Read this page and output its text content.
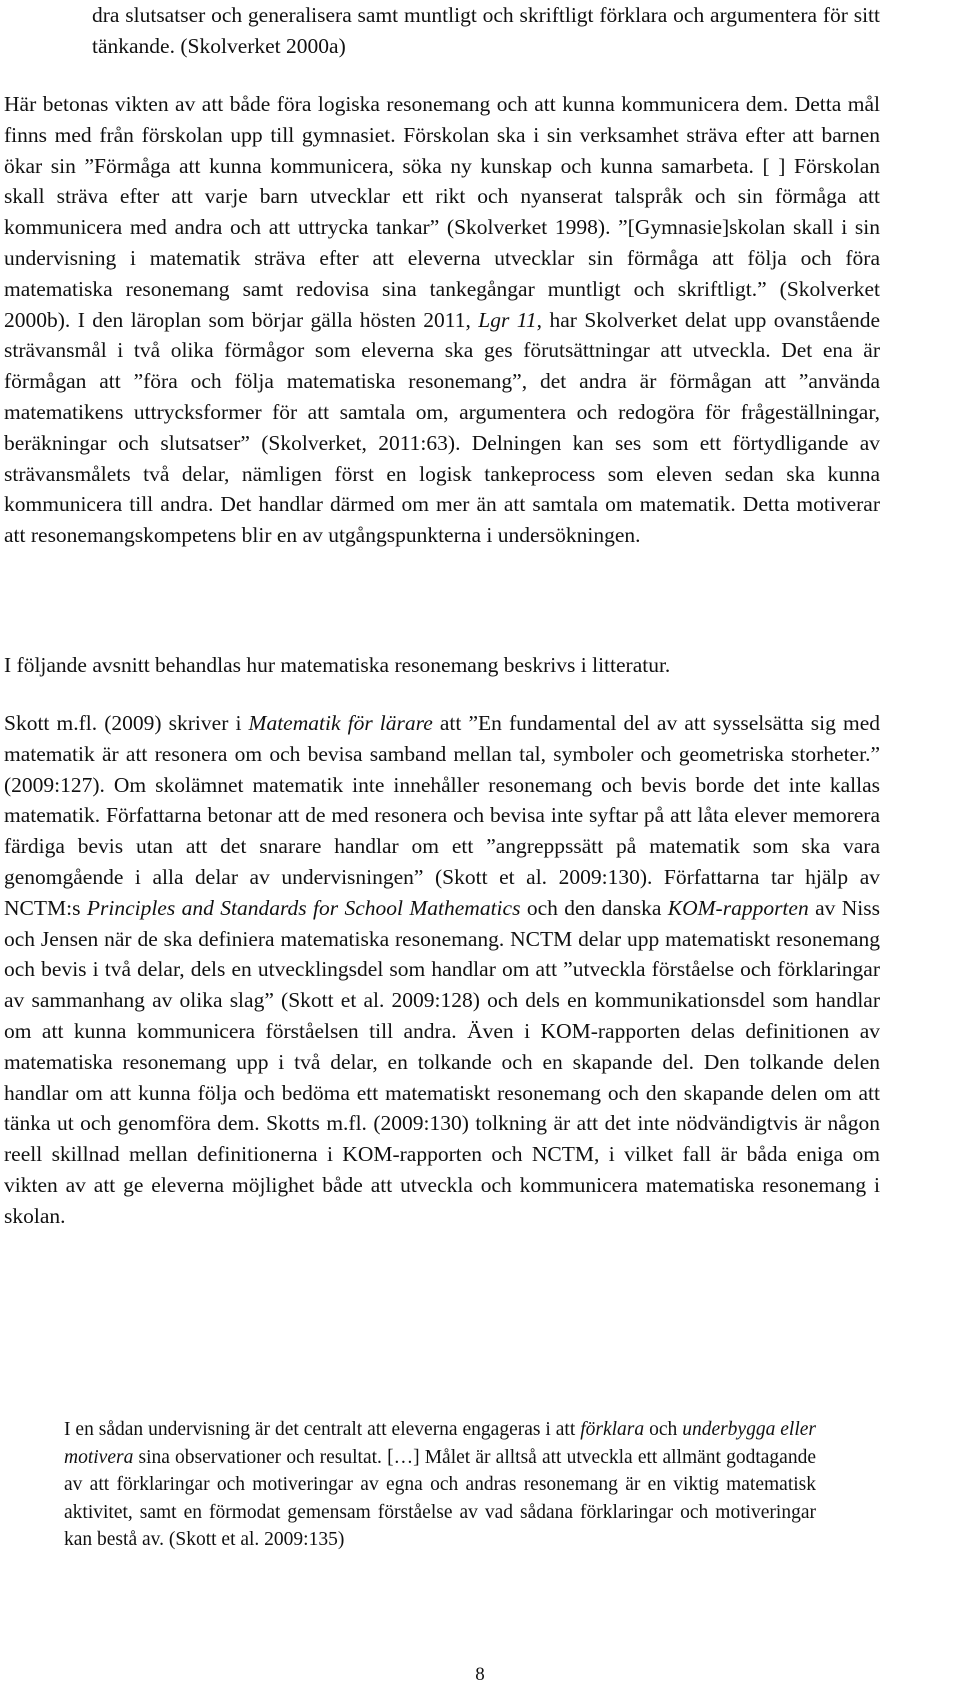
dra slutsatser och generalisera samt muntligt och skriftligt förklara och argumentera för sitt tänkande. (Skolverket 2000a)

Här betonas vikten av att både föra logiska resonemang och att kunna kommunicera dem. Detta mål finns med från förskolan upp till gymnasiet. Förskolan ska i sin verksamhet sträva efter att barnen ökar sin ”Förmåga att kunna kommunicera, söka ny kunskap och kunna samarbeta. [ ] Förskolan skall sträva efter att varje barn utvecklar ett rikt och nyanserat talspråk och sin förmåga att kommunicera med andra och att uttrycka tankar” (Skolverket 1998). ”[Gymnasie]skolan skall i sin undervisning i matematik sträva efter att eleverna utvecklar sin förmåga att följa och föra matematiska resonemang samt redovisa sina tankegångar muntligt och skriftligt.” (Skolverket 2000b). I den läroplan som börjar gälla hösten 2011, Lgr 11, har Skolverket delat upp ovanstående strävansmål i två olika förmågor som eleverna ska ges förutsättningar att utveckla. Det ena är förmågan att ”föra och följa matematiska resonemang”, det andra är förmågan att ”använda matematikens uttrycksformer för att samtala om, argumentera och redogöra för frågeställningar, beräkningar och slutsatser” (Skolverket, 2011:63). Delningen kan ses som ett förtydligande av strävansmålets två delar, nämligen först en logisk tankeprocess som eleven sedan ska kunna kommunicera till andra. Det handlar därmed om mer än att samtala om matematik. Detta motiverar att resonemangskompetens blir en av utgångspunkterna i undersökningen.

I följande avsnitt behandlas hur matematiska resonemang beskrivs i litteratur.

Skott m.fl. (2009) skriver i Matematik för lärare att ”En fundamental del av att sysselsätta sig med matematik är att resonera om och bevisa samband mellan tal, symboler och geometriska storheter.” (2009:127). Om skolämnet matematik inte innehåller resonemang och bevis borde det inte kallas matematik. Författarna betonar att de med resonera och bevisa inte syftar på att låta elever memorera färdiga bevis utan att det snarare handlar om ett ”angreppssätt på matematik som ska vara genomgående i alla delar av undervisningen” (Skott et al. 2009:130). Författarna tar hjälp av NCTM:s Principles and Standards for School Mathematics och den danska KOM-rapporten av Niss och Jensen när de ska definiera matematiska resonemang. NCTM delar upp matematiskt resonemang och bevis i två delar, dels en utvecklingsdel som handlar om att ”utveckla förståelse och förklaringar av sammanhang av olika slag” (Skott et al. 2009:128) och dels en kommunikationsdel som handlar om att kunna kommunicera förståelsen till andra. Även i KOM-rapporten delas definitionen av matematiska resonemang upp i två delar, en tolkande och en skapande del. Den tolkande delen handlar om att kunna följa och bedöma ett matematiskt resonemang och den skapande delen om att tänka ut och genomföra dem. Skotts m.fl. (2009:130) tolkning är att det inte nödvändigtvis är någon reell skillnad mellan definitionerna i KOM-rapporten och NCTM, i vilket fall är båda eniga om vikten av att ge eleverna möjlighet både att utveckla och kommunicera matematiska resonemang i skolan.

I en sådan undervisning är det centralt att eleverna engageras i att förklara och underbygga eller motivera sina observationer och resultat. […] Målet är alltså att utveckla ett allmänt godtagande av att förklaringar och motiveringar av egna och andras resonemang är en viktig matematisk aktivitet, samt en förmodat gemensam förståelse av vad sådana förklaringar och motiveringar kan bestå av. (Skott et al. 2009:135)

8
